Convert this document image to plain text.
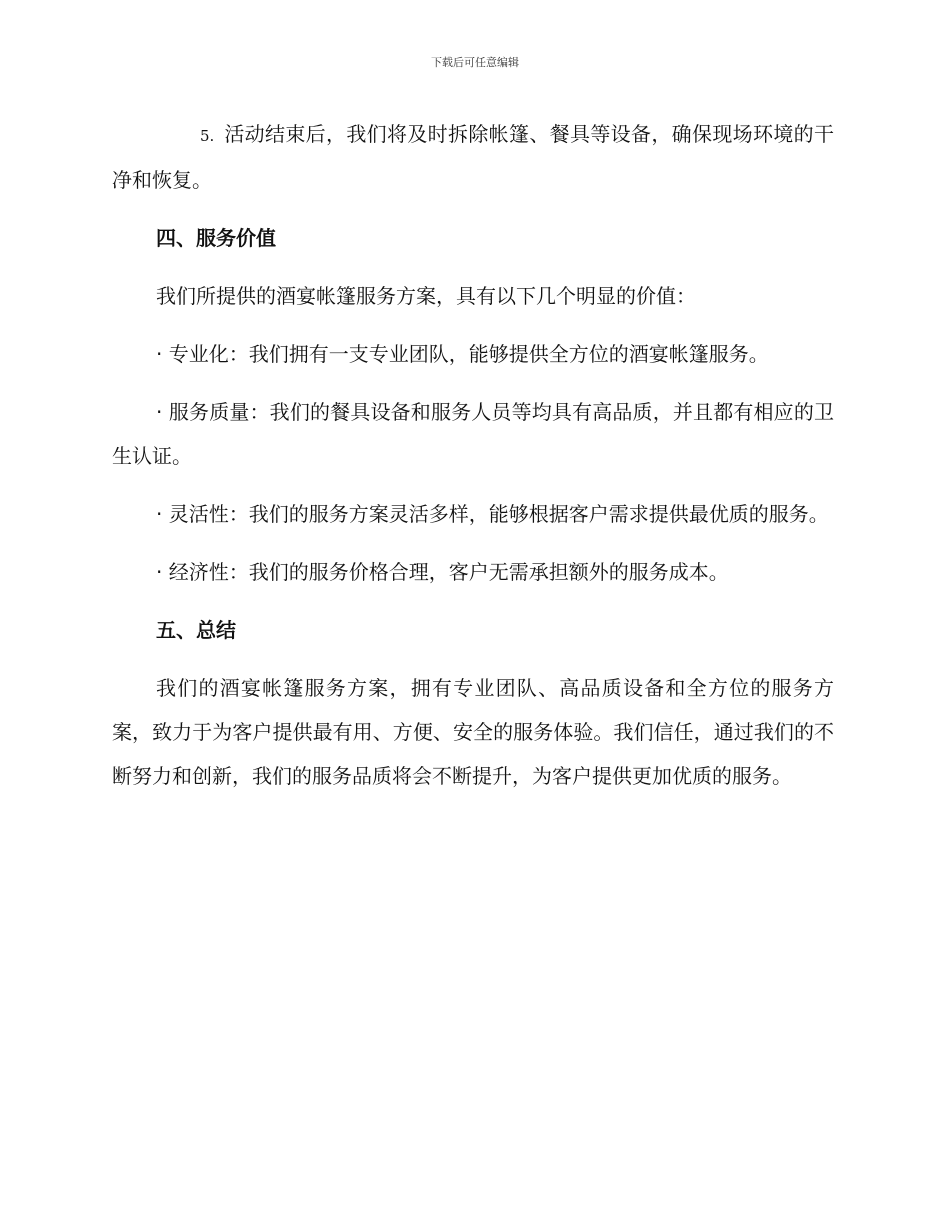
下载后可任意编辑

5. 活动结束后，我们将及时拆除帐篷、餐具等设备，确保现场环境的干净和恢复。

四、服务价值

我们所提供的酒宴帐篷服务方案，具有以下几个明显的价值：

· 专业化：我们拥有一支专业团队，能够提供全方位的酒宴帐篷服务。

· 服务质量：我们的餐具设备和服务人员等均具有高品质，并且都有相应的卫生认证。

· 灵活性：我们的服务方案灵活多样，能够根据客户需求提供最优质的服务。

· 经济性：我们的服务价格合理，客户无需承担额外的服务成本。

五、总结

我们的酒宴帐篷服务方案，拥有专业团队、高品质设备和全方位的服务方案，致力于为客户提供最有用、方便、安全的服务体验。我们信任，通过我们的不断努力和创新，我们的服务品质将会不断提升，为客户提供更加优质的服务。
